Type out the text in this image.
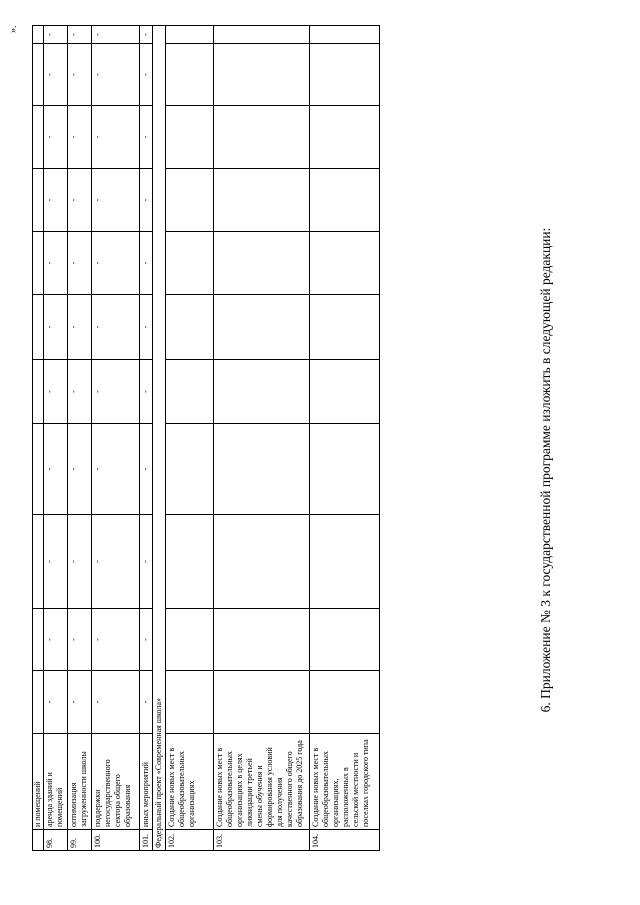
».
	и помещений											
98.	аренда зданий и помещений	-	-	-	-	-	-	-	-	-	-	-
99.	оптимизация загруженности школы	-	-	-	-	-	-	-	-	-	-	-
100.	поддержки негосударственного сектора общего образования	-	-	-	-	-	-	-	-	-	-	-
101.	иных мероприятий	-	-	-	-	-	-	-	-	-	-	-
Федеральный проект «Современная школа»												
102.	Создание новых мест в общеобразовательных организациях											
103.	Создание новых мест в общеобразовательных организациях в целях ликвидации третьей смены обучения и формирования условий для получения качественного общего образования до 2025 года											
104.	Создание новых мест в общеобразовательных организациях, расположенных в сельской местности и поселках городского типа											
6. Приложение № 3 к государственной программе изложить в следующей редакции:
